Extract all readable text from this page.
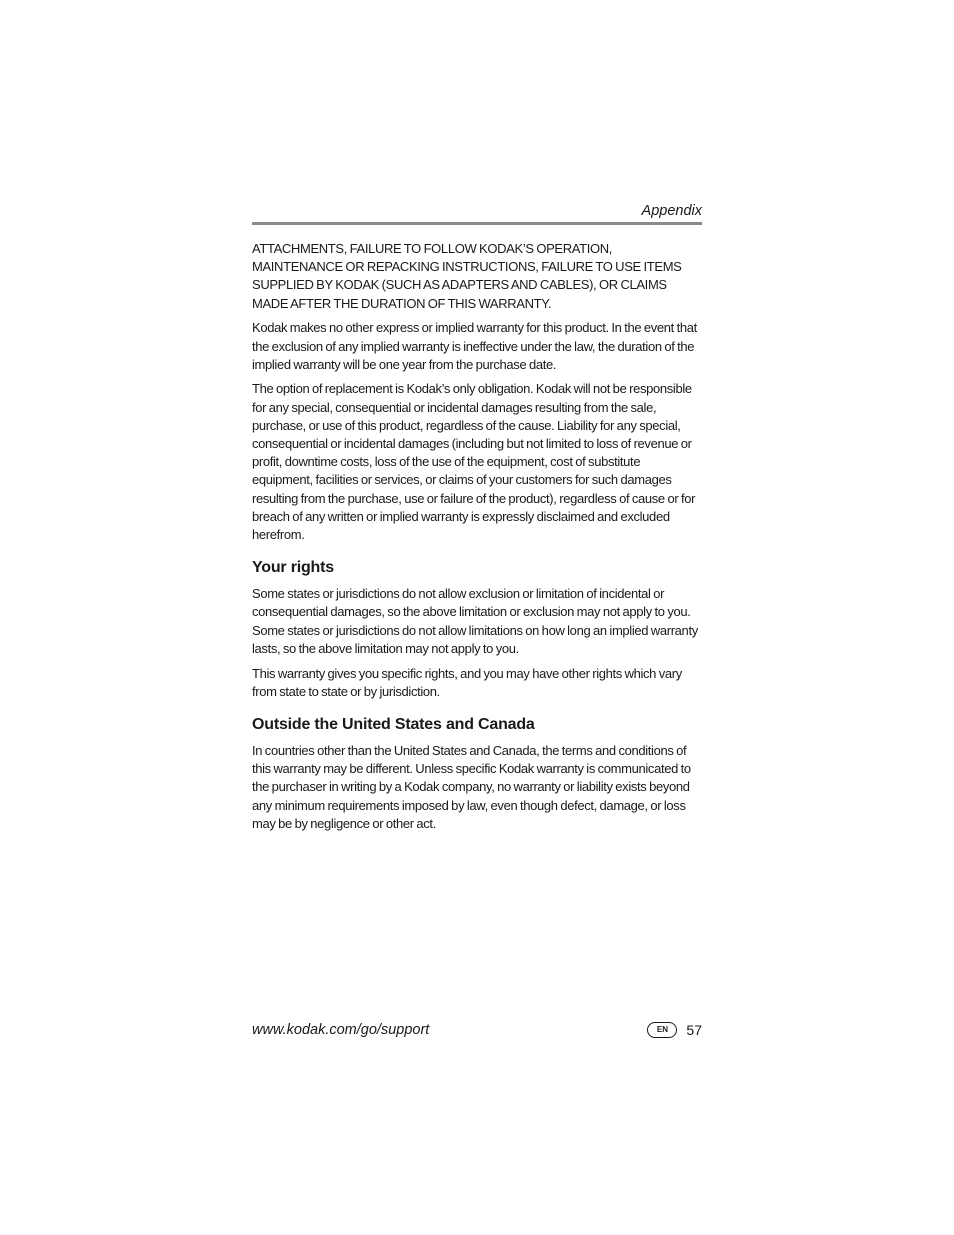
Appendix

ATTACHMENTS, FAILURE TO FOLLOW KODAK’S OPERATION, MAINTENANCE OR REPACKING INSTRUCTIONS, FAILURE TO USE ITEMS SUPPLIED BY KODAK (SUCH AS ADAPTERS AND CABLES), OR CLAIMS MADE AFTER THE DURATION OF THIS WARRANTY.

Kodak makes no other express or implied warranty for this product. In the event that the exclusion of any implied warranty is ineffective under the law, the duration of the implied warranty will be one year from the purchase date.

The option of replacement is Kodak’s only obligation. Kodak will not be responsible for any special, consequential or incidental damages resulting from the sale, purchase, or use of this product, regardless of the cause. Liability for any special, consequential or incidental damages (including but not limited to loss of revenue or profit, downtime costs, loss of the use of the equipment, cost of substitute equipment, facilities or services, or claims of your customers for such damages resulting from the purchase, use or failure of the product), regardless of cause or for breach of any written or implied warranty is expressly disclaimed and excluded herefrom.

Your rights

Some states or jurisdictions do not allow exclusion or limitation of incidental or consequential damages, so the above limitation or exclusion may not apply to you. Some states or jurisdictions do not allow limitations on how long an implied warranty lasts, so the above limitation may not apply to you.

This warranty gives you specific rights, and you may have other rights which vary from state to state or by jurisdiction.

Outside the United States and Canada

In countries other than the United States and Canada, the terms and conditions of this warranty may be different. Unless specific Kodak warranty is communicated to the purchaser in writing by a Kodak company, no warranty or liability exists beyond any minimum requirements imposed by law, even though defect, damage, or loss may be by negligence or other act.

www.kodak.com/go/support	EN	57
